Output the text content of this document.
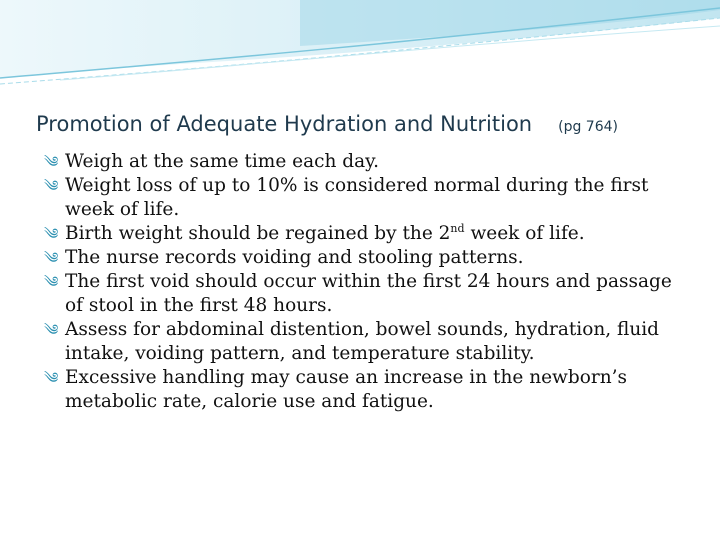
Promotion of Adequate Hydration and Nutrition (pg 764)
༄ Weigh at the same time each day.
༄ Weight loss of up to 10% is considered normal during the first week of life.
༄ Birth weight should be regained by the 2nd week of life.
༄ The nurse records voiding and stooling patterns.
༄ The first void should occur within the first 24 hours and passage of stool in the first 48 hours.
༄ Assess for abdominal distention, bowel sounds, hydration, fluid intake, voiding pattern, and temperature stability.
༄ Excessive handling may cause an increase in the newborn’s metabolic rate, calorie use and fatigue.
